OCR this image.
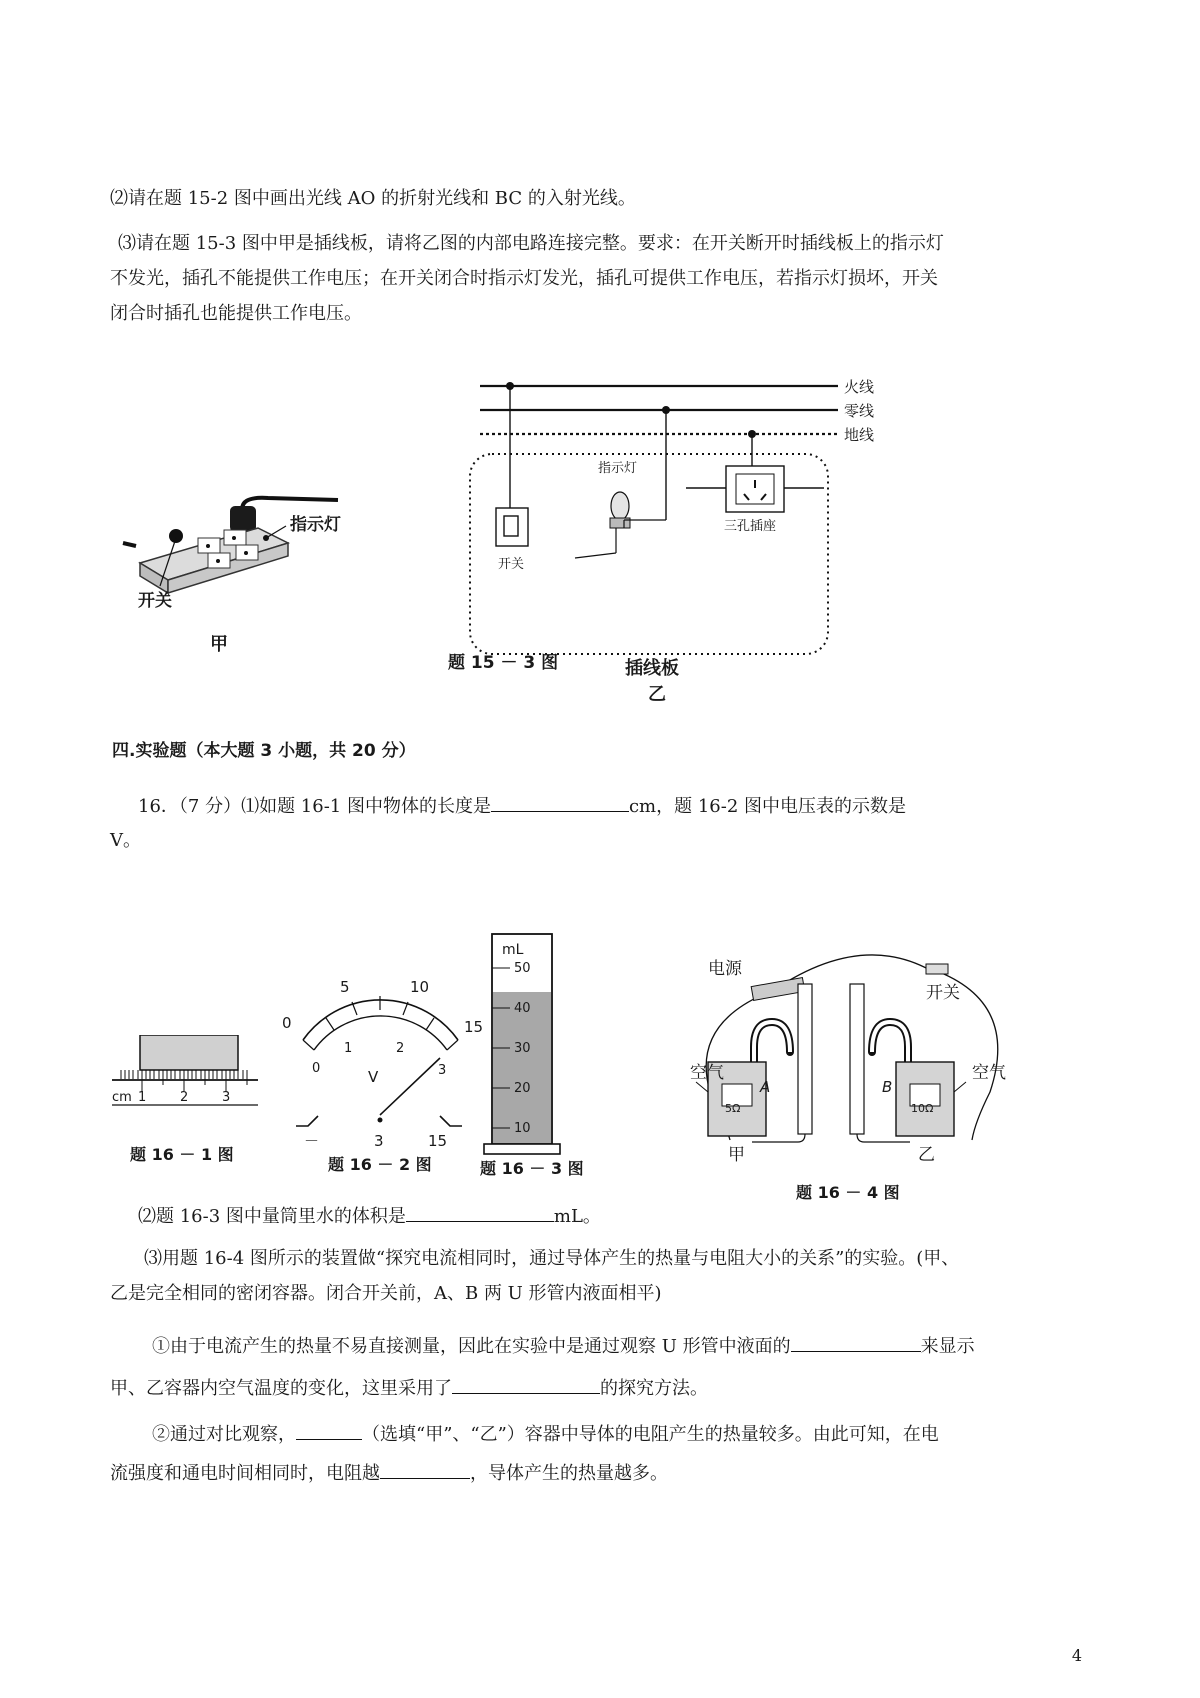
⑵请在题 15-2 图中画出光线 AO 的折射光线和 BC 的入射光线。
⑶请在题 15-3 图中甲是插线板，请将乙图的内部电路连接完整。要求：在开关断开时插线板上的指示灯
不发光，插孔不能提供工作电压；在开关闭合时指示灯发光，插孔可提供工作电压，若指示灯损坏，开关
闭合时插孔也能提供工作电压。
指示灯
开关
甲
火线
零线
地线
开关
指示灯
三孔插座
插线板
乙
题 15 － 3 图
四.实验题（本大题 3 小题，共 20 分）
16．（7 分）⑴如题 16-1 图中物体的长度是	cm，题 16-2 图中电压表的示数是
V。
cm 1	2	3
题 16 － 1 图
0
5	10
15
0
1	2
3
V
－	3	15
题 16 － 2 图
mL
50
40
30
20
10
题 16 － 3 图
电源
开关
5Ω	10Ω
A	B
空气	空气
甲	乙
题 16 － 4 图
⑵题 16-3 图中量筒里水的体积是	mL。
⑶用题 16-4 图所示的装置做“探究电流相同时，通过导体产生的热量与电阻大小的关系”的实验。(甲、
乙是完全相同的密闭容器。闭合开关前，A、B 两 U 形管内液面相平)
①由于电流产生的热量不易直接测量，因此在实验中是通过观察 U 形管中液面的	来显示
甲、乙容器内空气温度的变化，这里采用了	的探究方法。
②通过对比观察，	（选填“甲”、“乙”）容器中导体的电阻产生的热量较多。由此可知，在电
流强度和通电时间相同时，电阻越	，导体产生的热量越多。
4
